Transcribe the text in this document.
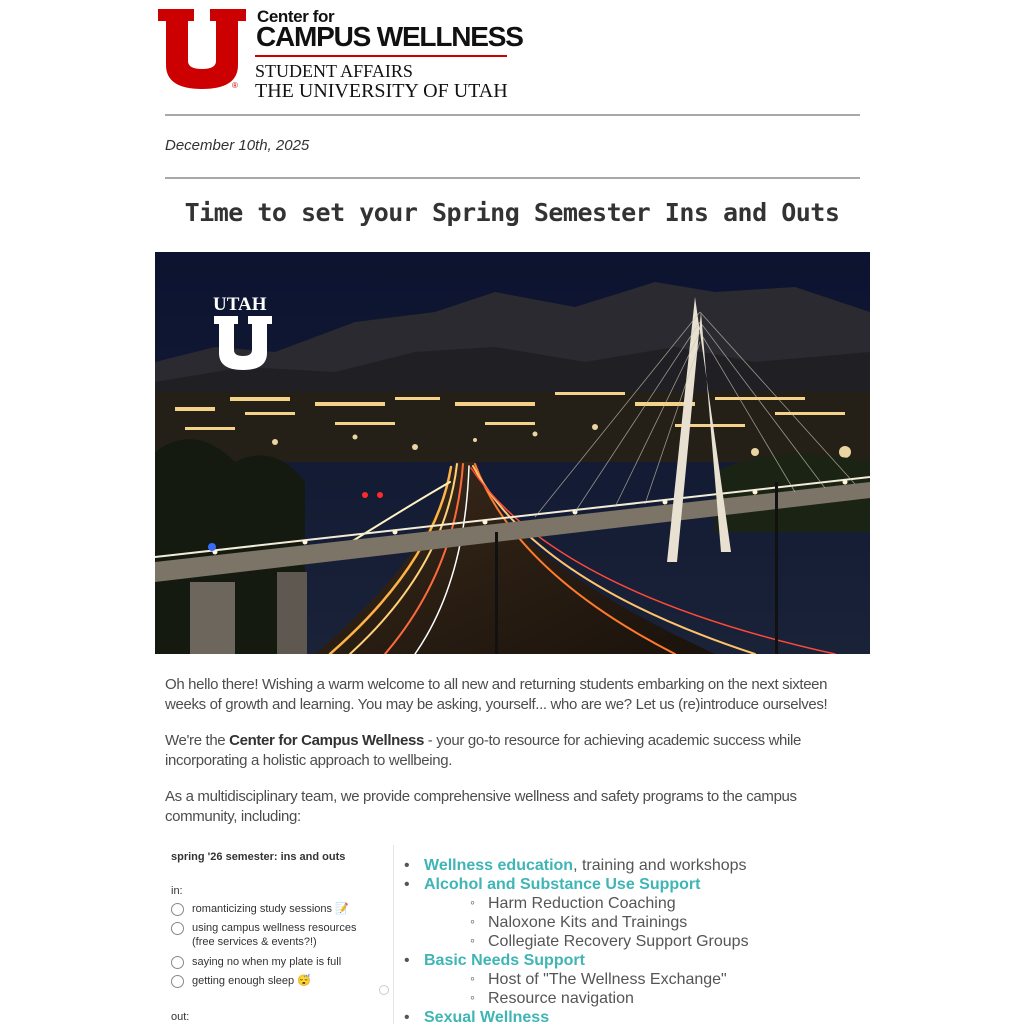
®
Center for
CAMPUS WELLNESS
STUDENT AFFAIRS
THE UNIVERSITY OF UTAH
December 10th, 2025
Time to set your Spring Semester Ins and Outs
UTAH
Oh hello there! Wishing a warm welcome to all new and returning students embarking on the next sixteen weeks of growth and learning. You may be asking, yourself... who are we? Let us (re)introduce ourselves!
We're the Center for Campus Wellness - your go-to resource for achieving academic success while incorporating a holistic approach to wellbeing.
As a multidisciplinary team, we provide comprehensive wellness and safety programs to the campus community, including:
spring '26 semester: ins and outs
in:
romanticizing study sessions 📝
using campus wellness resources (free services & events?!)
saying no when my plate is full
getting enough sleep 😴
out:
• Wellness education, training and workshops
• Alcohol and Substance Use Support
◦ Harm Reduction Coaching
◦ Naloxone Kits and Trainings
◦ Collegiate Recovery Support Groups
• Basic Needs Support
◦ Host of "The Wellness Exchange"
◦ Resource navigation
• Sexual Wellness
